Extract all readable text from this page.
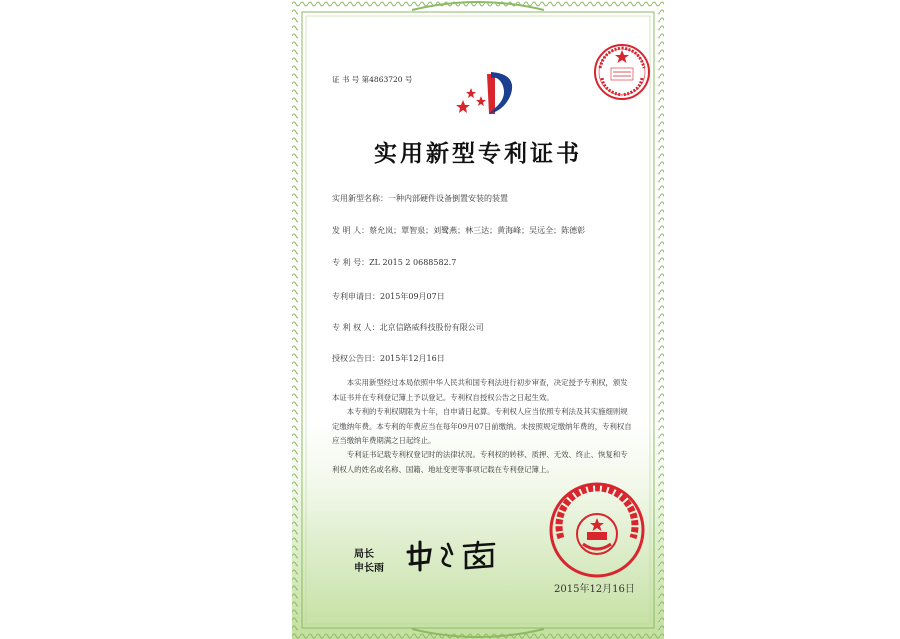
证 书 号 第4863720 号
实用新型专利证书
实用新型名称：一种内部硬件设备倒置安装的装置
发 明 人：蔡允岚；覃智泉；刘鹭燕；林三达；黄海峰；吴远全；陈德彰
专 利 号：ZL 2015 2 0688582.7
专利申请日：2015年09月07日
专 利 权 人：北京信路威科技股份有限公司
授权公告日：2015年12月16日

本实用新型经过本局依照中华人民共和国专利法进行初步审查，决定授予专利权，颁发本证书并在专利登记簿上予以登记。专利权自授权公告之日起生效。

本专利的专利权期限为十年，自申请日起算。专利权人应当依照专利法及其实施细则规定缴纳年费。本专利的年费应当在每年09月07日前缴纳。未按照规定缴纳年费的，专利权自应当缴纳年费期满之日起终止。

专利证书记载专利权登记时的法律状况。专利权的转移、质押、无效、终止、恢复和专利权人的姓名或名称、国籍、地址变更等事项记载在专利登记簿上。

局长
申长雨
2015年12月16日
